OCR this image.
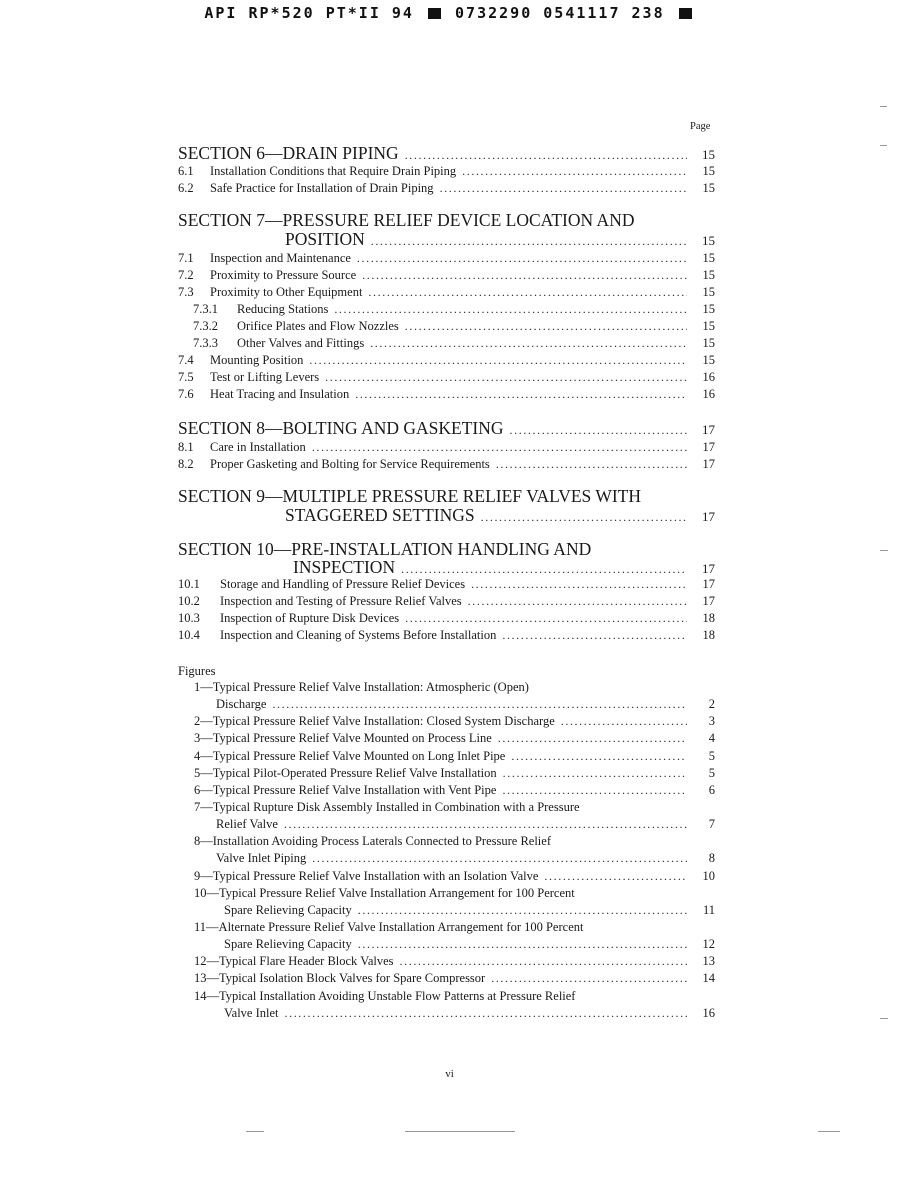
API RP*520 PT*II 94	0732290 0541117 238
Page
SECTION 6—DRAIN PIPING .....	15
6.1	Installation Conditions that Require Drain Piping .....	15
6.2	Safe Practice for Installation of Drain Piping .....	15
SECTION 7—PRESSURE RELIEF DEVICE LOCATION AND
POSITION .....	15
7.1	Inspection and Maintenance .....	15
7.2	Proximity to Pressure Source .....	15
7.3	Proximity to Other Equipment .....	15
7.3.1	Reducing Stations .....	15
7.3.2	Orifice Plates and Flow Nozzles .....	15
7.3.3	Other Valves and Fittings .....	15
7.4	Mounting Position .....	15
7.5	Test or Lifting Levers .....	16
7.6	Heat Tracing and Insulation .....	16
SECTION 8—BOLTING AND GASKETING .....	17
8.1	Care in Installation .....	17
8.2	Proper Gasketing and Bolting for Service Requirements .....	17
SECTION 9—MULTIPLE PRESSURE RELIEF VALVES WITH
STAGGERED SETTINGS .....	17
SECTION 10—PRE-INSTALLATION HANDLING AND
INSPECTION .....	17
10.1	Storage and Handling of Pressure Relief Devices .....	17
10.2	Inspection and Testing of Pressure Relief Valves .....	17
10.3	Inspection of Rupture Disk Devices .....	18
10.4	Inspection and Cleaning of Systems Before Installation .....	18
Figures
1—Typical Pressure Relief Valve Installation: Atmospheric (Open)
Discharge .....	2
2—Typical Pressure Relief Valve Installation: Closed System Discharge .....	3
3—Typical Pressure Relief Valve Mounted on Process Line .....	4
4—Typical Pressure Relief Valve Mounted on Long Inlet Pipe .....	5
5—Typical Pilot-Operated Pressure Relief Valve Installation .....	5
6—Typical Pressure Relief Valve Installation with Vent Pipe .....	6
7—Typical Rupture Disk Assembly Installed in Combination with a Pressure
Relief Valve .....	7
8—Installation Avoiding Process Laterals Connected to Pressure Relief
Valve Inlet Piping .....	8
9—Typical Pressure Relief Valve Installation with an Isolation Valve .....	10
10—Typical Pressure Relief Valve Installation Arrangement for 100 Percent
Spare Relieving Capacity .....	11
11—Alternate Pressure Relief Valve Installation Arrangement for 100 Percent
Spare Relieving Capacity .....	12
12—Typical Flare Header Block Valves .....	13
13—Typical Isolation Block Valves for Spare Compressor .....	14
14—Typical Installation Avoiding Unstable Flow Patterns at Pressure Relief
Valve Inlet .....	16
vi
